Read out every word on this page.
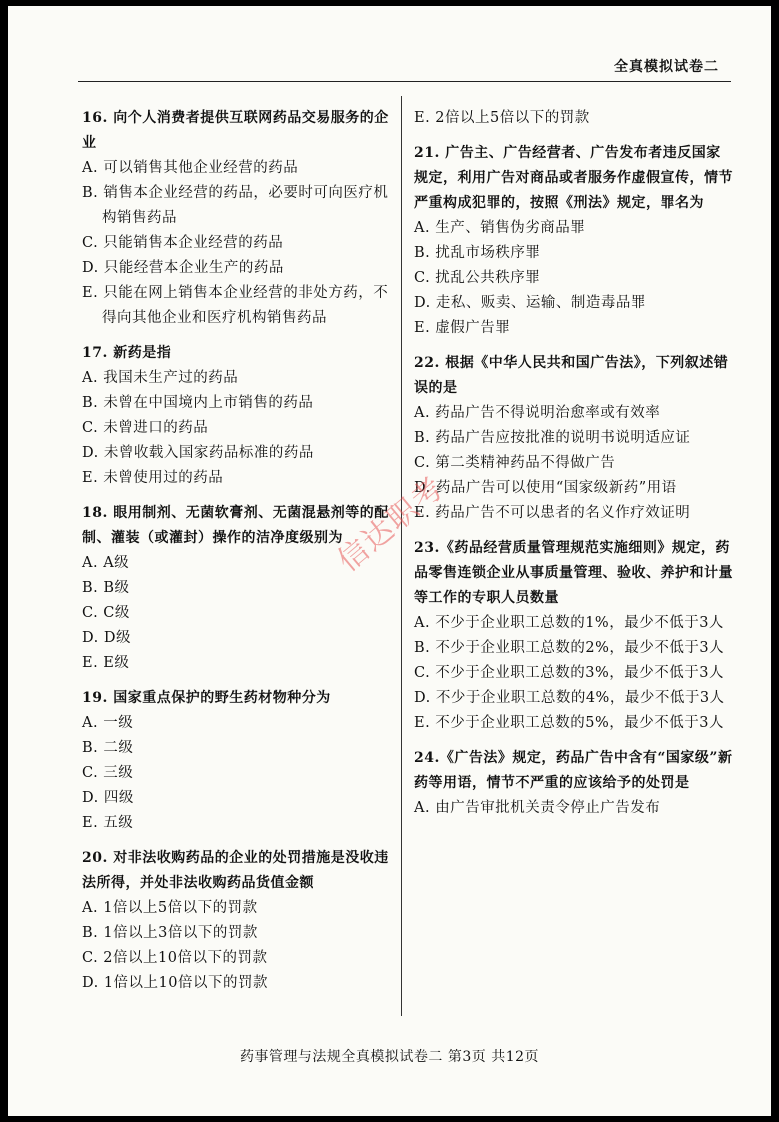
全真模拟试卷二
16. 向个人消费者提供互联网药品交易服务的企业
A. 可以销售其他企业经营的药品
B. 销售本企业经营的药品，必要时可向医疗机构销售药品
C. 只能销售本企业经营的药品
D. 只能经营本企业生产的药品
E. 只能在网上销售本企业经营的非处方药，不得向其他企业和医疗机构销售药品
17. 新药是指
A. 我国未生产过的药品
B. 未曾在中国境内上市销售的药品
C. 未曾进口的药品
D. 未曾收载入国家药品标准的药品
E. 未曾使用过的药品
18. 眼用制剂、无菌软膏剂、无菌混悬剂等的配制、灌装（或灌封）操作的洁净度级别为
A. A级
B. B级
C. C级
D. D级
E. E级
19. 国家重点保护的野生药材物种分为
A. 一级
B. 二级
C. 三级
D. 四级
E. 五级
20. 对非法收购药品的企业的处罚措施是没收违法所得，并处非法收购药品货值金额
A. 1倍以上5倍以下的罚款
B. 1倍以上3倍以下的罚款
C. 2倍以上10倍以下的罚款
D. 1倍以上10倍以下的罚款
E. 2倍以上5倍以下的罚款
21. 广告主、广告经营者、广告发布者违反国家规定，利用广告对商品或者服务作虚假宣传，情节严重构成犯罪的，按照《刑法》规定，罪名为
A. 生产、销售伪劣商品罪
B. 扰乱市场秩序罪
C. 扰乱公共秩序罪
D. 走私、贩卖、运输、制造毒品罪
E. 虚假广告罪
22. 根据《中华人民共和国广告法》，下列叙述错误的是
A. 药品广告不得说明治愈率或有效率
B. 药品广告应按批准的说明书说明适应证
C. 第二类精神药品不得做广告
D. 药品广告可以使用“国家级新药”用语
E. 药品广告不可以患者的名义作疗效证明
23.《药品经营质量管理规范实施细则》规定，药品零售连锁企业从事质量管理、验收、养护和计量等工作的专职人员数量
A. 不少于企业职工总数的1%，最少不低于3人
B. 不少于企业职工总数的2%，最少不低于3人
C. 不少于企业职工总数的3%，最少不低于3人
D. 不少于企业职工总数的4%，最少不低于3人
E. 不少于企业职工总数的5%，最少不低于3人
24.《广告法》规定，药品广告中含有“国家级”新药等用语，情节不严重的应该给予的处罚是
A. 由广告审批机关责令停止广告发布
信达职考
药事管理与法规全真模拟试卷二 第3页 共12页
